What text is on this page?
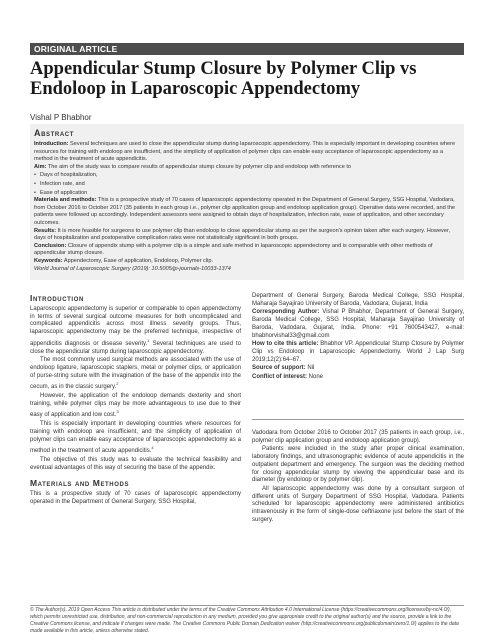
ORIGINAL ARTICLE
Appendicular Stump Closure by Polymer Clip vs Endoloop in Laparoscopic Appendectomy
Vishal P Bhabhor
Abstract

Introduction: Several techniques are used to close the appendicular stump during laparoscopic appendectomy. This is especially important in developing countries where resources for training with endoloop are insufficient, and the simplicity of application of polymer clips can enable easy acceptance of laparoscopic appendectomy as a method in the treatment of acute appendicitis.

Aim: The aim of the study was to compare results of appendicular stump closure by polymer clip and endoloop with reference to

• Days of hospitalization,
• Infection rate, and
• Ease of application

Materials and methods: This is a prospective study of 70 cases of laparoscopic appendectomy operated in the Department of General Surgery, SSG Hospital, Vadodara, from October 2016 to October 2017 (35 patients in each group i.e., polymer clip application group and endoloop application group). Operative data were recorded, and the patients were followed up accordingly. Independent assessors were assigned to obtain days of hospitalization, infection rate, ease of application, and other secondary outcomes.

Results: It is more feasible for surgeons to use polymer clip than endoloop to close appendicular stump as per the surgeon's opinion taken after each surgery. However, days of hospitalization and postoperative complication rates were not statistically significant in both groups.

Conclusion: Closure of appendix stump with a polymer clip is a simple and safe method in laparoscopic appendectomy and is comparable with other methods of appendicular stump closure.

Keywords: Appendectomy, Ease of application, Endoloop, Polymer clip.

World Journal of Laparoscopic Surgery (2019): 10.5005/jp-journals-10033-1374

Introduction

Laparoscopic appendectomy is superior or comparable to open appendectomy in terms of several surgical outcome measures for both uncomplicated and complicated appendicitis across most illness severity groups. Thus, laparoscopic appendectomy may be the preferred technique, irrespective of appendicitis diagnosis or disease severity.$^1$ Several techniques are used to close the appendicular stump during laparoscopic appendectomy.

The most commonly used surgical methods are associated with the use of endoloop ligature, laparoscopic staplers, metal or polymer clips, or application of purse-string suture with the invagination of the base of the appendix into the cecum, as in the classic surgery.$^2$

However, the application of the endoloop demands dexterity and short training, while polymer clips may be more advantageous to use due to their easy of application and low cost.$^3$

This is especially important in developing countries where resources for training with endoloop are insufficient, and the simplicity of application of polymer clips can enable easy acceptance of laparoscopic appendectomy as a method in the treatment of acute appendicitis.$^4$

The objective of this study was to evaluate the technical feasibility and eventual advantages of this way of securing the base of the appendix.

Materials and Methods

This is a prospective study of 70 cases of laparoscopic appendectomy operated in the Department of General Surgery, SSG Hospital,

Department of General Surgery, Baroda Medical College, SSG Hospital, Maharaja Sayajirao University of Baroda, Vadodara, Gujarat, India

Corresponding Author: Vishal P Bhabhor, Department of General Surgery, Baroda Medical College, SSG Hospital, Maharaja Sayajirao University of Baroda, Vadodara, Gujarat, India, Phone: +91 7600543427, e-mail: bhabhorvishal33@gmail.com

How to cite this article: Bhabhor VP. Appendicular Stump Closure by Polymer Clip vs Endoloop in Laparoscopic Appendectomy. World J Lap Surg 2019;12(2):64–67.

Source of support: Nil

Conflict of interest: None

Vadodara from October 2016 to October 2017 (35 patients in each group, i.e., polymer clip application group and endoloop application group).

Patients were included in the study after proper clinical examination, laboratory findings, and ultrasonographic evidence of acute appendicitis in the outpatient department and emergency. The surgeon was the deciding method for closing appendicular stump by viewing the appendicular base and its diameter (by endoloop or by polymer clip).

All laparoscopic appendectomy was done by a consultant surgeon of different units of Surgery Department of SSG Hospital, Vadodara. Patients scheduled for laparoscopic appendectomy were administered antibiotics intravenously in the form of single-dose ceftriaxone just before the start of the surgery.

© The Author(s). 2019 Open Access This article is distributed under the terms of the Creative Commons Attribution 4.0 International License (https://creativecommons.org/licenses/by-nc/4.0/), which permits unrestricted use, distribution, and non-commercial reproduction in any medium, provided you give appropriate credit to the original author(s) and the source, provide a link to the Creative Commons license, and indicate if changes were made. The Creative Commons Public Domain Dedication waiver (http://creativecommons.org/publicdomain/zero/1.0/) applies to the data made available in this article, unless otherwise stated.
